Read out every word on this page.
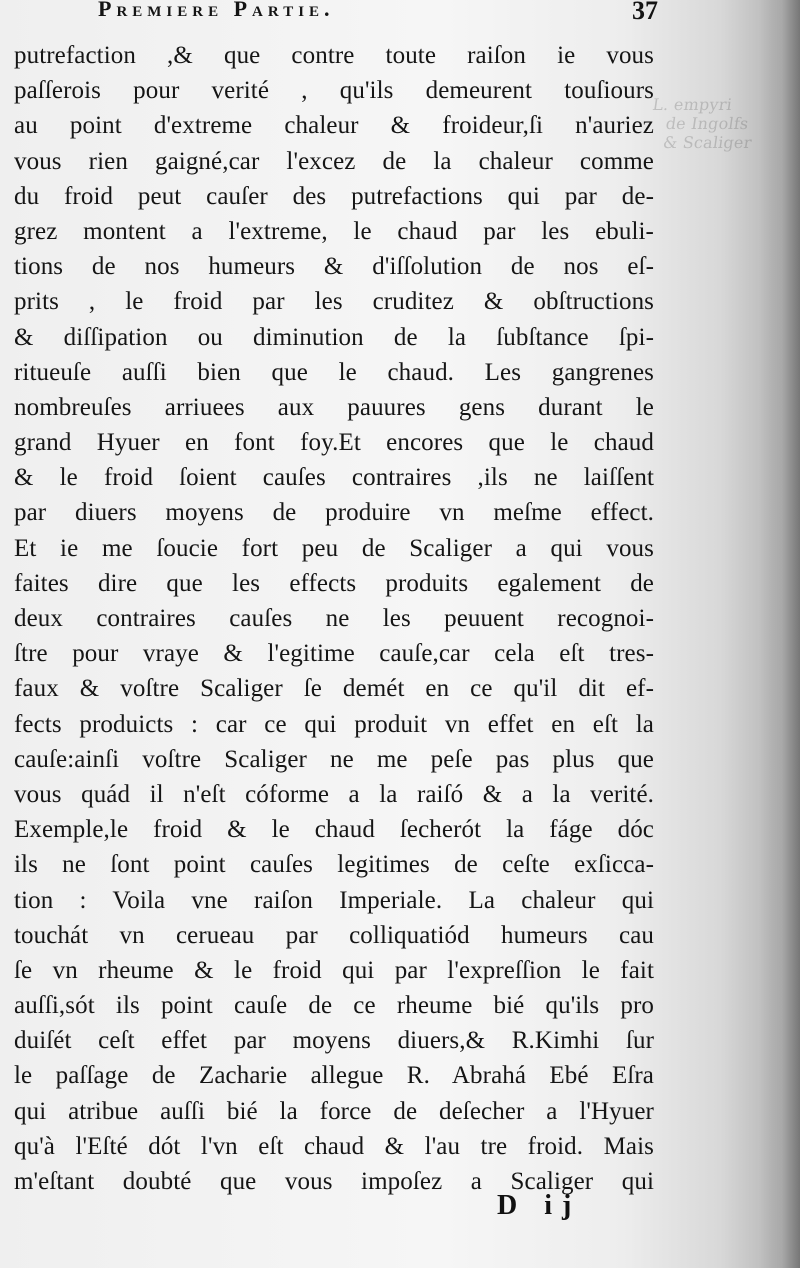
L. empyri
de Ingolfs
& Scaliger
Premiere Partie.	37
putrefaction ,& que contre toute raiſon ie vous
paſſerois pour verité , qu'ils demeurent touſiours
au point d'extreme chaleur & froideur,ſi n'auriez
vous rien gaigné,car l'excez de la chaleur comme
du froid peut cauſer des putrefactions qui par de-
grez montent a l'extreme, le chaud par les ebuli-
tions de nos humeurs & d'iſſolution de nos eſ-
prits , le froid par les cruditez & obſtructions
& diſſipation ou diminution de la ſubſtance ſpi-
ritueuſe auſſi bien que le chaud. Les gangrenes
nombreuſes arriuees aux pauures gens durant le
grand Hyuer en font foy.Et encores que le chaud
& le froid ſoient cauſes contraires ,ils ne laiſſent
par diuers moyens de produire vn meſme effect.
Et ie me ſoucie fort peu de Scaliger a qui vous
faites dire que les effects produits egalement de
deux contraires cauſes ne les peuuent recognoi-
ſtre pour vraye & l'egitime cauſe,car cela eſt tres-
faux & voſtre Scaliger ſe demét en ce qu'il dit ef-
fects produicts : car ce qui produit vn effet en eſt la
cauſe:ainſi voſtre Scaliger ne me peſe pas plus que
vous quád il n'eſt cóforme a la raiſó & a la verité.
Exemple,le froid & le chaud ſecherót la fáge dóc
ils ne ſont point cauſes legitimes de ceſte exſicca-
tion : Voila vne raiſon Imperiale. La chaleur qui
touchát vn cerueau par colliquatiód humeurs cau
ſe vn rheume & le froid qui par l'expreſſion le fait
auſſi,sót ils point cauſe de ce rheume bié qu'ils pro
duiſét ceſt effet par moyens diuers,& R.Kimhi ſur
le paſſage de Zacharie allegue R. Abrahá Ebé Eſra
qui atribue auſſi bié la force de deſecher a l'Hyuer
qu'à l'Eſté dót l'vn eſt chaud & l'au tre froid. Mais
m'eſtant doubté que vous impoſez a Scaliger qui
D ij
